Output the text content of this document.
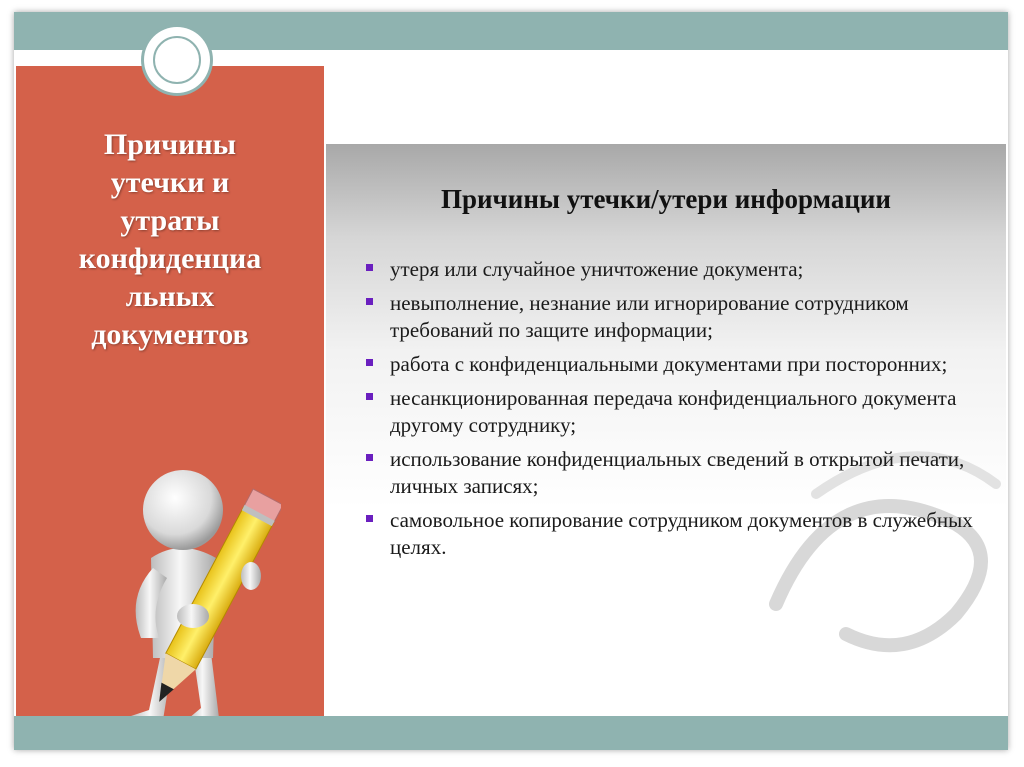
Причины
утечки и
утраты
конфиденциа
льных
документов
Причины утечки/утери информации
утеря или случайное уничтожение документа;
невыполнение, незнание или игнорирование сотрудником требований по защите информации;
работа с конфиденциальными документами при посторонних;
несанкционированная передача конфиденциального документа другому сотруднику;
использование конфиденциальных сведений в открытой печати, личных записях;
самовольное копирование сотрудником документов в служебных целях.
